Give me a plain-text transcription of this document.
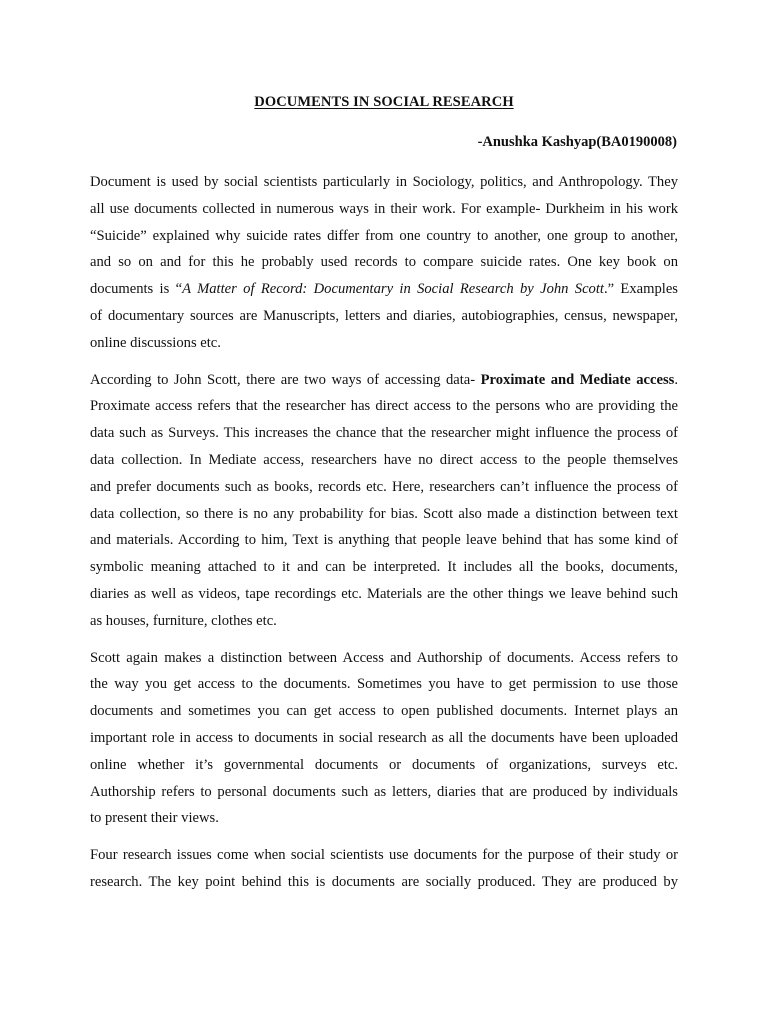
DOCUMENTS IN SOCIAL RESEARCH
-Anushka Kashyap(BA0190008)

Document is used by social scientists particularly in Sociology, politics, and Anthropology. They
all use documents collected in numerous ways in their work. For example- Durkheim in his work
“Suicide” explained why suicide rates differ from one country to another, one group to another,
and so on and for this he probably used records to compare suicide rates. One key book on
documents is “A Matter of Record: Documentary in Social Research by John Scott.” Examples
of documentary sources are Manuscripts, letters and diaries, autobiographies, census, newspaper,
online discussions etc.

According to John Scott, there are two ways of accessing data- Proximate and Mediate access.
Proximate access refers that the researcher has direct access to the persons who are providing the
data such as Surveys. This increases the chance that the researcher might influence the process of
data collection. In Mediate access, researchers have no direct access to the people themselves
and prefer documents such as books, records etc. Here, researchers can’t influence the process of
data collection, so there is no any probability for bias. Scott also made a distinction between text
and materials. According to him, Text is anything that people leave behind that has some kind of
symbolic meaning attached to it and can be interpreted. It includes all the books, documents,
diaries as well as videos, tape recordings etc. Materials are the other things we leave behind such
as houses, furniture, clothes etc.

Scott again makes a distinction between Access and Authorship of documents. Access refers to
the way you get access to the documents. Sometimes you have to get permission to use those
documents and sometimes you can get access to open published documents. Internet plays an
important role in access to documents in social research as all the documents have been uploaded
online whether it’s governmental documents or documents of organizations, surveys etc.
Authorship refers to personal documents such as letters, diaries that are produced by individuals
to present their views.

Four research issues come when social scientists use documents for the purpose of their study or
research. The key point behind this is documents are socially produced. They are produced by
